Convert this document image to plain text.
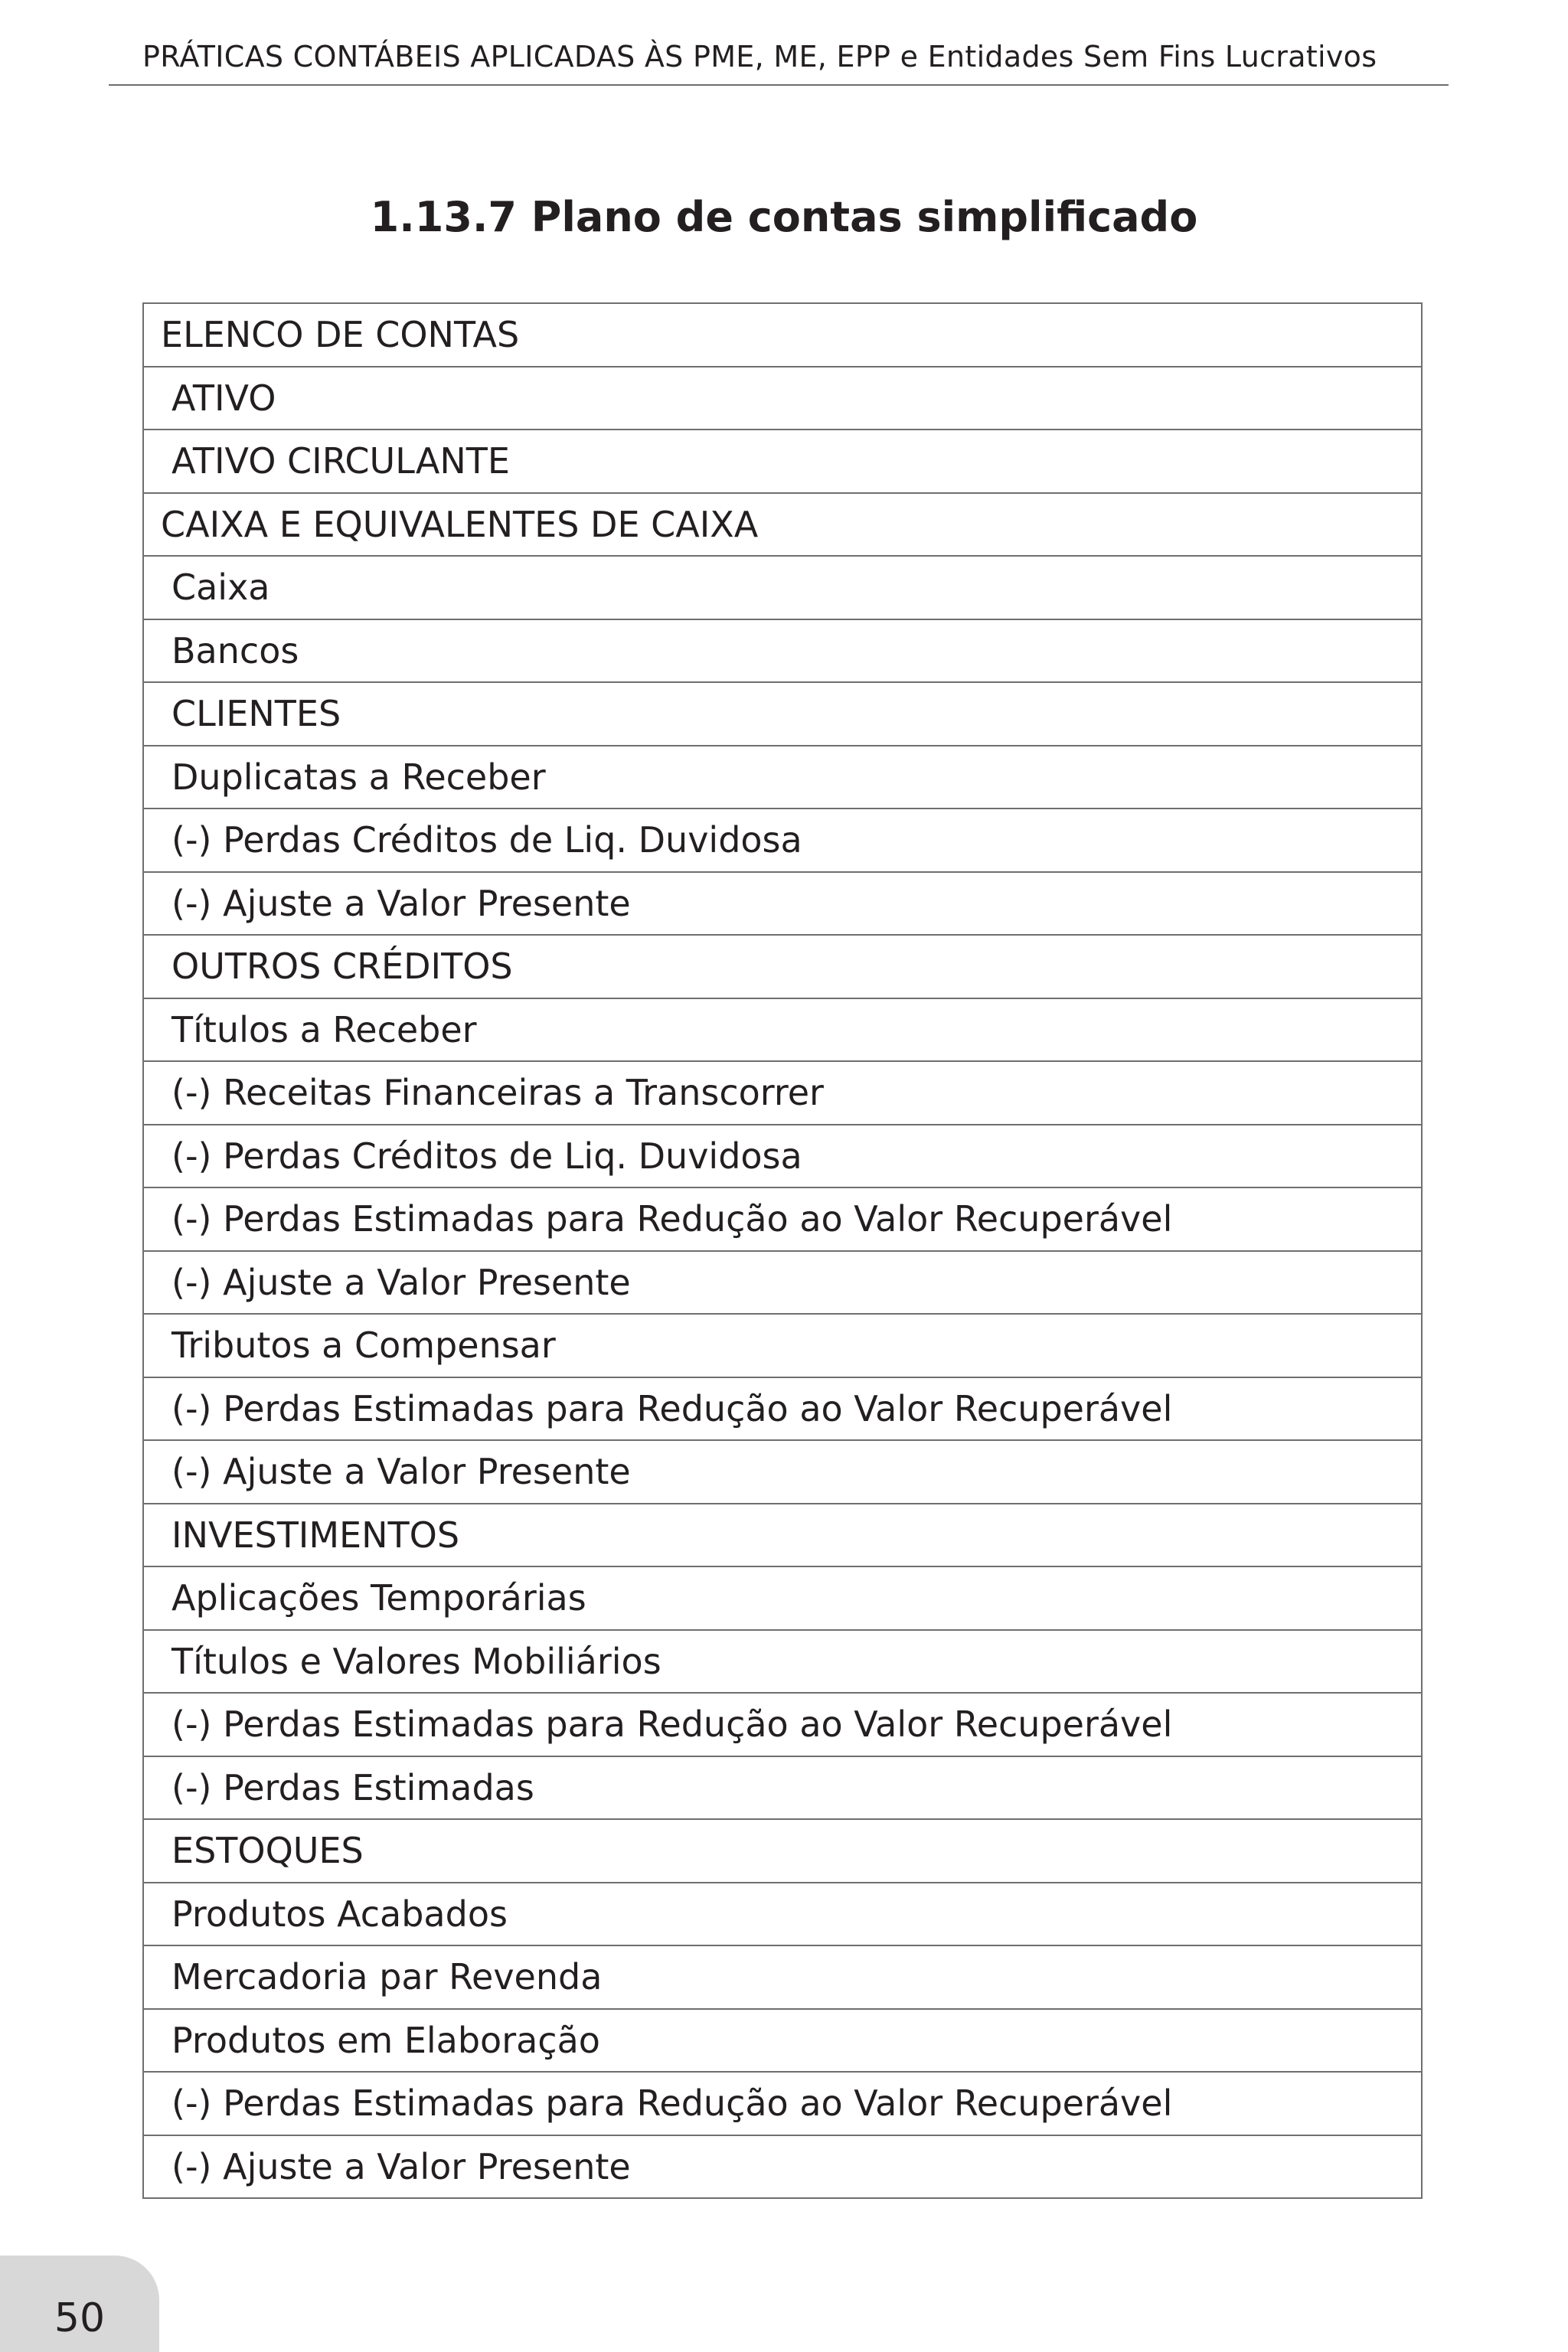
PRÁTICAS CONTÁBEIS APLICADAS ÀS PME, ME, EPP e Entidades Sem Fins Lucrativos
1.13.7 Plano de contas simplificado
ELENCO DE CONTAS
ATIVO
ATIVO CIRCULANTE
CAIXA E EQUIVALENTES DE CAIXA
Caixa
Bancos
CLIENTES
Duplicatas a Receber
(-) Perdas Créditos de Liq. Duvidosa
(-) Ajuste a Valor Presente
OUTROS CRÉDITOS
Títulos a Receber
(-) Receitas Financeiras a Transcorrer
(-) Perdas Créditos de Liq. Duvidosa
(-) Perdas Estimadas para Redução ao Valor Recuperável
(-) Ajuste a Valor Presente
Tributos a Compensar
(-) Perdas Estimadas para Redução ao Valor Recuperável
(-) Ajuste a Valor Presente
INVESTIMENTOS
Aplicações Temporárias
Títulos e Valores Mobiliários
(-) Perdas Estimadas para Redução ao Valor Recuperável
(-) Perdas Estimadas
ESTOQUES
Produtos Acabados
Mercadoria par Revenda
Produtos em Elaboração
(-) Perdas Estimadas para Redução ao Valor Recuperável
(-) Ajuste a Valor Presente
50
